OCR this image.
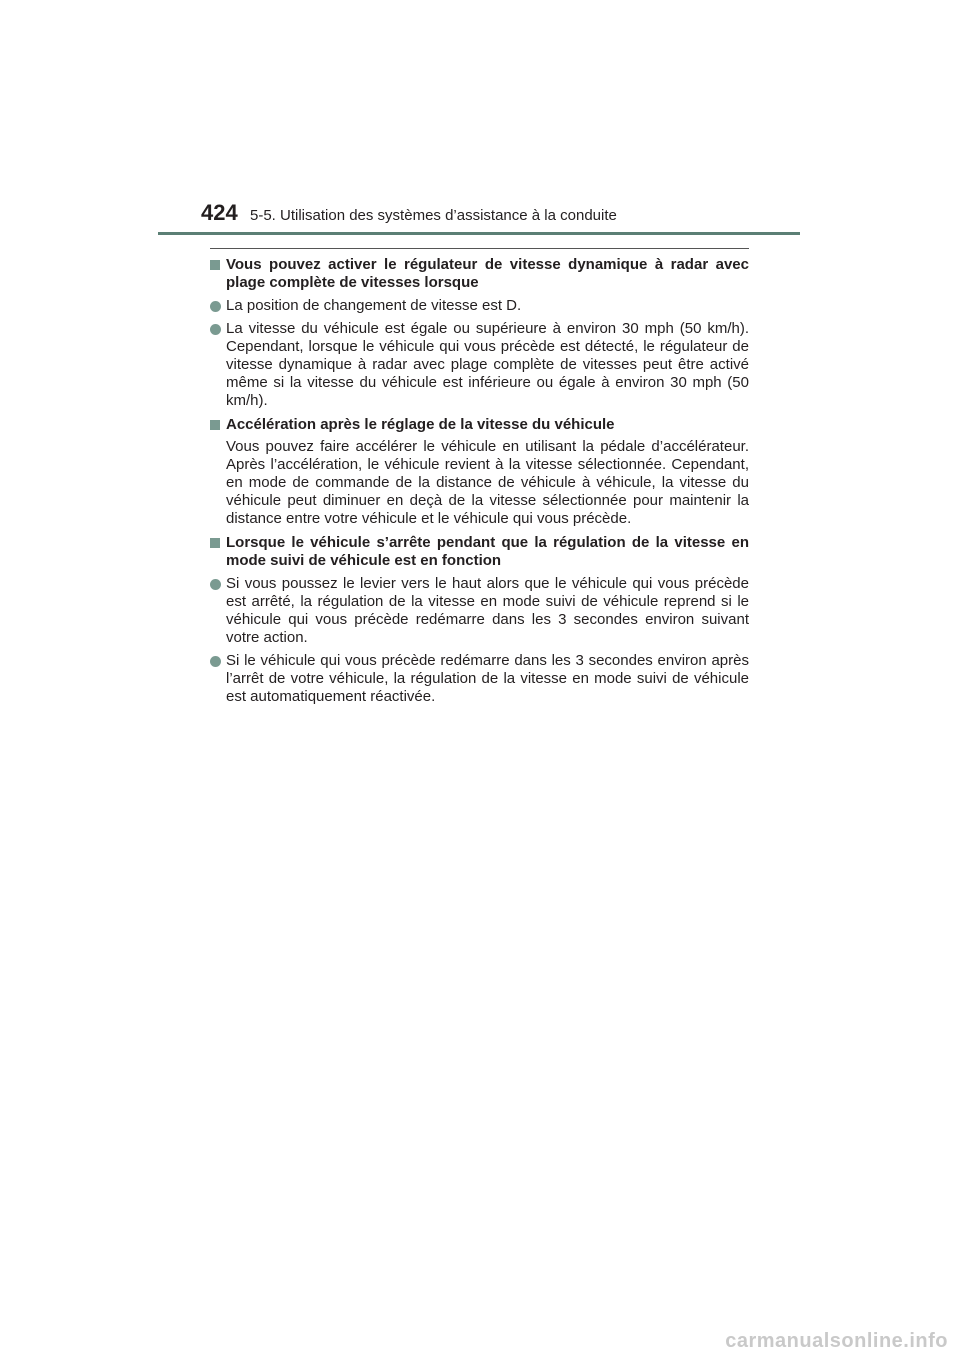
424 5-5. Utilisation des systèmes d’assistance à la conduite
Vous pouvez activer le régulateur de vitesse dynamique à radar avec plage complète de vitesses lorsque
La position de changement de vitesse est D.
La vitesse du véhicule est égale ou supérieure à environ 30 mph (50 km/h). Cependant, lorsque le véhicule qui vous précède est détecté, le régulateur de vitesse dynamique à radar avec plage complète de vitesses peut être activé même si la vitesse du véhicule est inférieure ou égale à environ 30 mph (50 km/h).
Accélération après le réglage de la vitesse du véhicule
Vous pouvez faire accélérer le véhicule en utilisant la pédale d’accélérateur. Après l’accélération, le véhicule revient à la vitesse sélectionnée. Cependant, en mode de commande de la distance de véhicule à véhicule, la vitesse du véhicule peut diminuer en deçà de la vitesse sélectionnée pour maintenir la distance entre votre véhicule et le véhicule qui vous précède.
Lorsque le véhicule s’arrête pendant que la régulation de la vitesse en mode suivi de véhicule est en fonction
Si vous poussez le levier vers le haut alors que le véhicule qui vous précède est arrêté, la régulation de la vitesse en mode suivi de véhicule reprend si le véhicule qui vous précède redémarre dans les 3 secondes environ suivant votre action.
Si le véhicule qui vous précède redémarre dans les 3 secondes environ après l’arrêt de votre véhicule, la régulation de la vitesse en mode suivi de véhicule est automatiquement réactivée.
carmanualsonline.info
